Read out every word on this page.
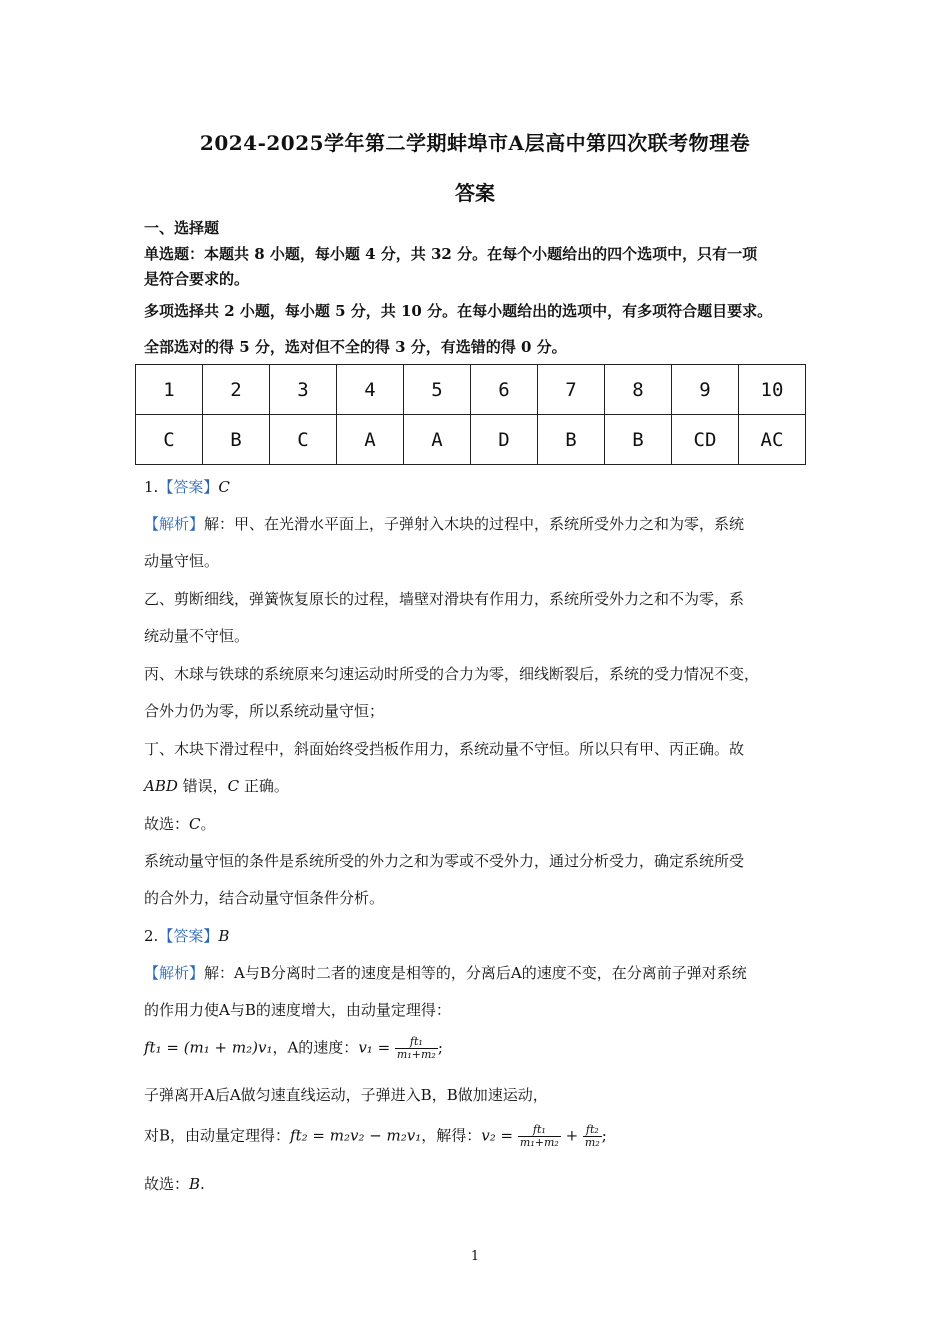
2024-2025学年第二学期蚌埠市A层高中第四次联考物理卷
答案
一、选择题
单选题：本题共 8 小题，每小题 4 分，共 32 分。在每个小题给出的四个选项中，只有一项
是符合要求的。
多项选择共 2 小题，每小题 5 分，共 10 分。在每小题给出的选项中，有多项符合题目要求。
全部选对的得 5 分，选对但不全的得 3 分，有选错的得 0 分。
1	2	3	4	5	6	7	8	9	10
C	B	C	A	A	D	B	B	CD	AC
1.【答案】C
【解析】解：甲、在光滑水平面上，子弹射入木块的过程中，系统所受外力之和为零，系统
动量守恒。
乙、剪断细线，弹簧恢复原长的过程，墙壁对滑块有作用力，系统所受外力之和不为零，系
统动量不守恒。
丙、木球与铁球的系统原来匀速运动时所受的合力为零，细线断裂后，系统的受力情况不变，
合外力仍为零，所以系统动量守恒；
丁、木块下滑过程中，斜面始终受挡板作用力，系统动量不守恒。所以只有甲、丙正确。故
ABD 错误，C 正确。
故选：C。
系统动量守恒的条件是系统所受的外力之和为零或不受外力，通过分析受力，确定系统所受
的合外力，结合动量守恒条件分析。
2.【答案】B
【解析】解：A与B分离时二者的速度是相等的，分离后A的速度不变，在分离前子弹对系统
的作用力使A与B的速度增大，由动量定理得：
ft₁ = (m₁ + m₂)v₁，A的速度：$v_1 = \frac{\text{ft₁}}{\text{m₁+m₂}}$ ;
子弹离开A后A做匀速直线运动，子弹进入B，B做加速运动，
对B，由动量定理得：ft₂ = m₂v₂ − m₂v₁，解得：$v_2 = \frac{\text{ft₁}}{\text{m₁+m₂}} + \frac{\text{ft₂}}{\text{m₂}}$ ;
故选：B.
1
